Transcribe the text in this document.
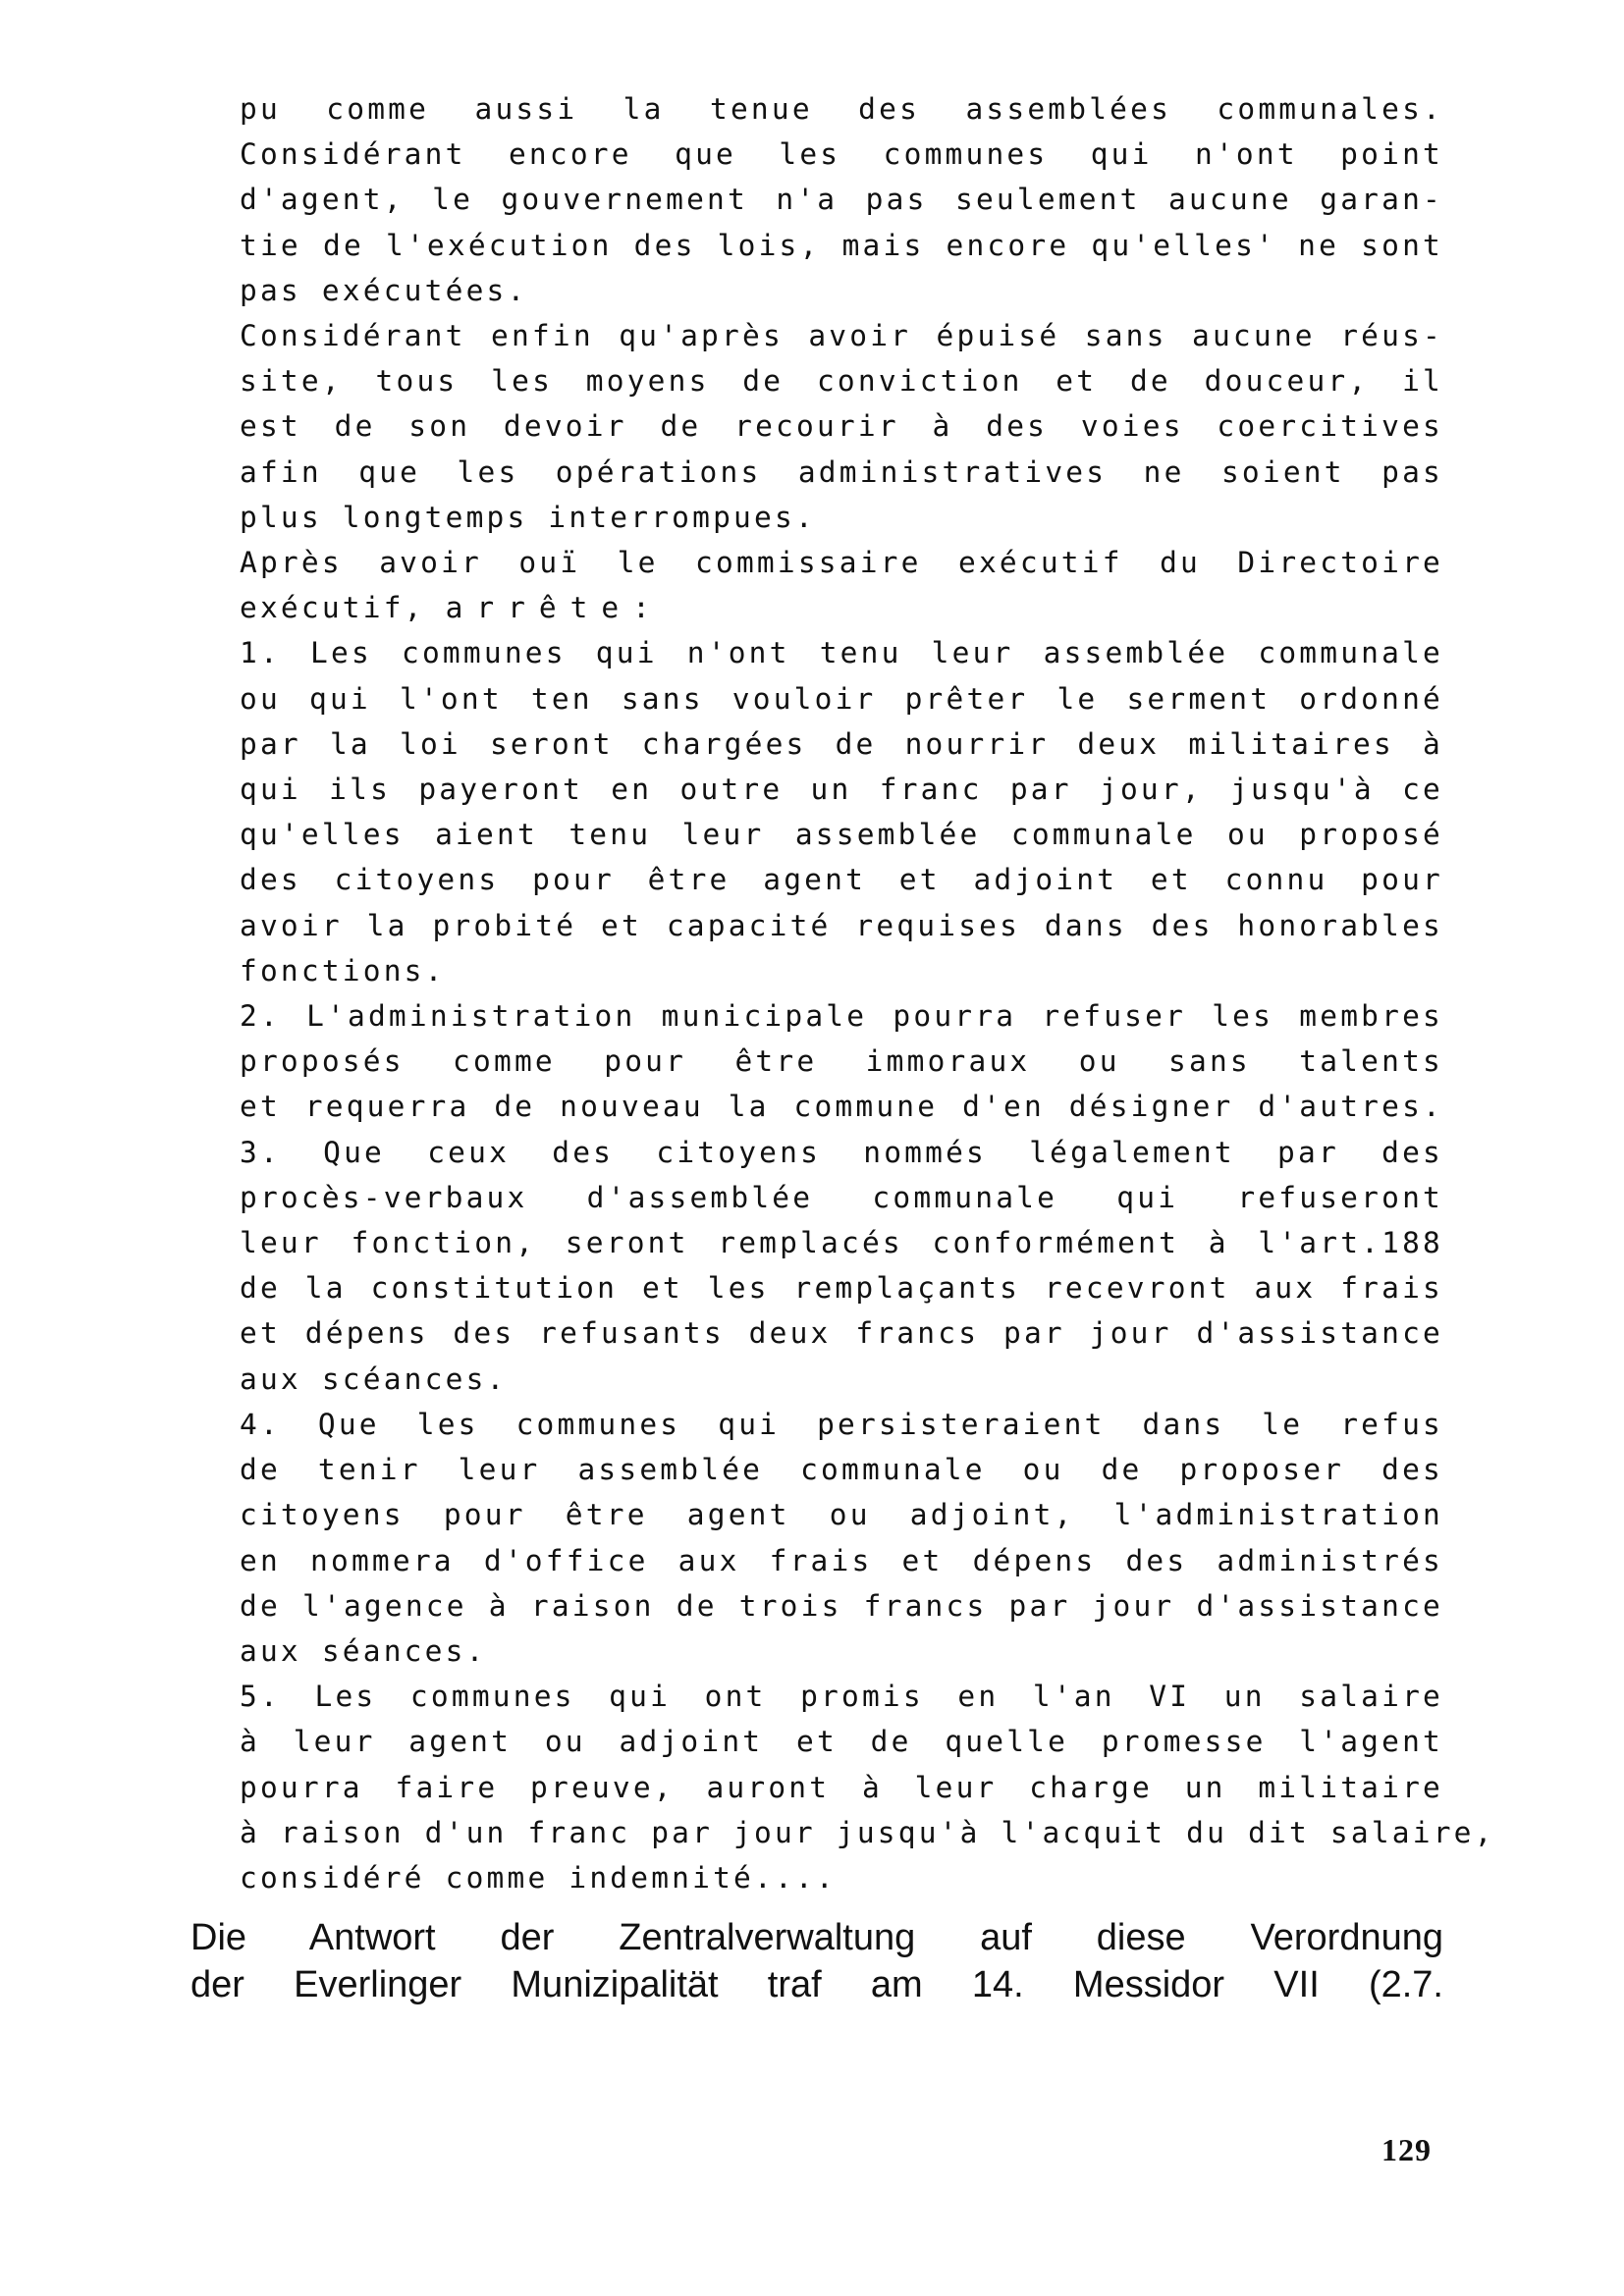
pu comme aussi la tenue des assemblées communales.
Considérant encore que les communes qui n'ont point
d'agent, le gouvernement n'a pas seulement aucune garan-
tie de l'exécution des lois, mais encore qu'elles' ne sont
pas exécutées.
Considérant enfin qu'après avoir épuisé sans aucune réus-
site, tous les moyens de conviction et de douceur, il
est de son devoir de recourir à des voies coercitives
afin que les opérations administratives ne soient pas
plus longtemps interrompues.
Après avoir ouï le commissaire exécutif du Directoire
exécutif, arrête:
1. Les communes qui n'ont tenu leur assemblée communale
ou qui l'ont ten sans vouloir prêter le serment ordonné
par la loi seront chargées de nourrir deux militaires à
qui ils payeront en outre un franc par jour, jusqu'à ce
qu'elles aient tenu leur assemblée communale ou proposé
des citoyens pour être agent et adjoint et connu pour
avoir la probité et capacité requises dans des honorables
fonctions.
2. L'administration municipale pourra refuser les membres
proposés comme pour être immoraux ou sans talents
et requerra de nouveau la commune d'en désigner d'autres.
3. Que ceux des citoyens nommés légalement par des
procès-verbaux d'assemblée communale qui refuseront
leur fonction, seront remplacés conformément à l'art.188
de la constitution et les remplaçants recevront aux frais
et dépens des refusants deux francs par jour d'assistance
aux scéances.
4. Que les communes qui persisteraient dans le refus
de tenir leur assemblée communale ou de proposer des
citoyens pour être agent ou adjoint, l'administration
en nommera d'office aux frais et dépens des administrés
de l'agence à raison de trois francs par jour d'assistance
aux séances.
5. Les communes qui ont promis en l'an VI un salaire
à leur agent ou adjoint et de quelle promesse l'agent
pourra faire preuve, auront à leur charge un militaire
à raison d'un franc par jour jusqu'à l'acquit du dit salaire,
considéré comme indemnité....
Die Antwort der Zentralverwaltung auf diese Verordnung
der Everlinger Munizipalität traf am 14. Messidor VII (2.7.
129
